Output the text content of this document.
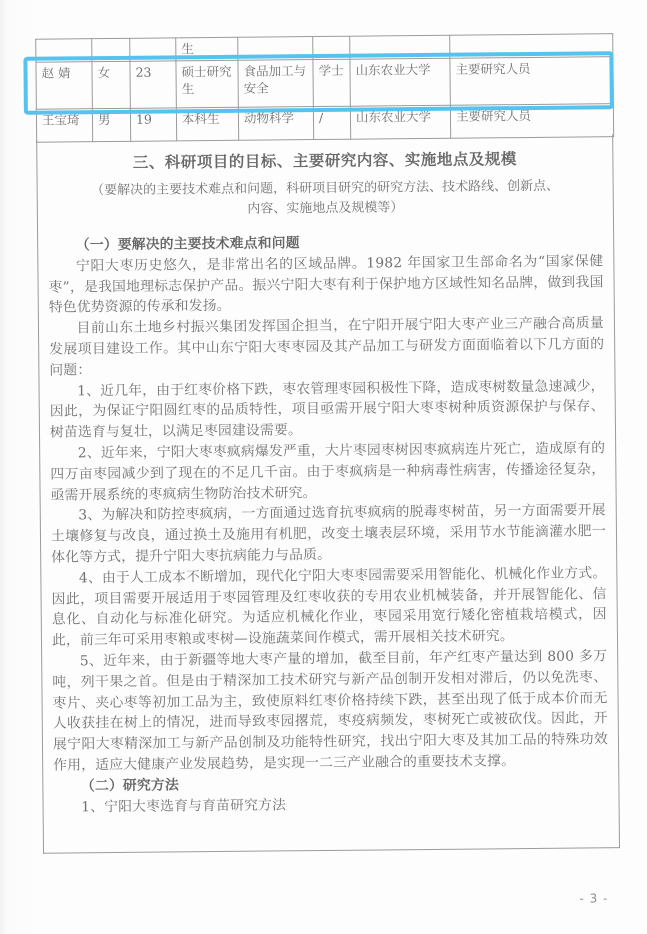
			生				
赵 婧	女	23	硕士研究生	食品加工与安全	学士	山东农业大学	主要研究人员
王宝琦	男	19	本科生	动物科学	/	山东农业大学	主要研究人员
三、科研项目的目标、主要研究内容、实施地点及规模
（要解决的主要技术难点和问题，科研项目研究的研究方法、技术路线、创新点、
内容、实施地点及规模等）

（一）要解决的主要技术难点和问题

宁阳大枣历史悠久，是非常出名的区域品牌。1982 年国家卫生部命名为“国家保健枣”，是我国地理标志保护产品。振兴宁阳大枣有利于保护地方区域性知名品牌，做到我国特色优势资源的传承和发扬。

目前山东土地乡村振兴集团发挥国企担当，在宁阳开展宁阳大枣产业三产融合高质量发展项目建设工作。其中山东宁阳大枣枣园及其产品加工与研发方面面临着以下几方面的问题：

1、近几年，由于红枣价格下跌，枣农管理枣园积极性下降，造成枣树数量急速减少，因此，为保证宁阳圆红枣的品质特性，项目亟需开展宁阳大枣枣树种质资源保护与保存、树苗选育与复壮，以满足枣园建设需要。

2、近年来，宁阳大枣枣疯病爆发严重，大片枣园枣树因枣疯病连片死亡，造成原有的四万亩枣园减少到了现在的不足几千亩。由于枣疯病是一种病毒性病害，传播途径复杂，亟需开展系统的枣疯病生物防治技术研究。

3、为解决和防控枣疯病，一方面通过选育抗枣疯病的脱毒枣树苗，另一方面需要开展土壤修复与改良，通过换土及施用有机肥，改变土壤表层环境，采用节水节能滴灌水肥一体化等方式，提升宁阳大枣抗病能力与品质。

4、由于人工成本不断增加，现代化宁阳大枣枣园需要采用智能化、机械化作业方式。因此，项目需要开展适用于枣园管理及红枣收获的专用农业机械装备，并开展智能化、信息化、自动化与标准化研究。为适应机械化作业，枣园采用宽行矮化密植栽培模式，因此，前三年可采用枣粮或枣树—设施蔬菜间作模式，需开展相关技术研究。

5、近年来，由于新疆等地大枣产量的增加，截至目前，年产红枣产量达到 800 多万吨，列干果之首。但是由于精深加工技术研究与新产品创制开发相对滞后，仍以免洗枣、枣片、夹心枣等初加工品为主，致使原料红枣价格持续下跌，甚至出现了低于成本价而无人收获挂在树上的情况，进而导致枣园撂荒，枣疫病频发，枣树死亡或被砍伐。因此，开展宁阳大枣精深加工与新产品创制及功能特性研究，找出宁阳大枣及其加工品的特殊功效作用，适应大健康产业发展趋势，是实现一二三产业融合的重要技术支撑。

（二）研究方法

1、宁阳大枣选育与育苗研究方法

- 3 -
